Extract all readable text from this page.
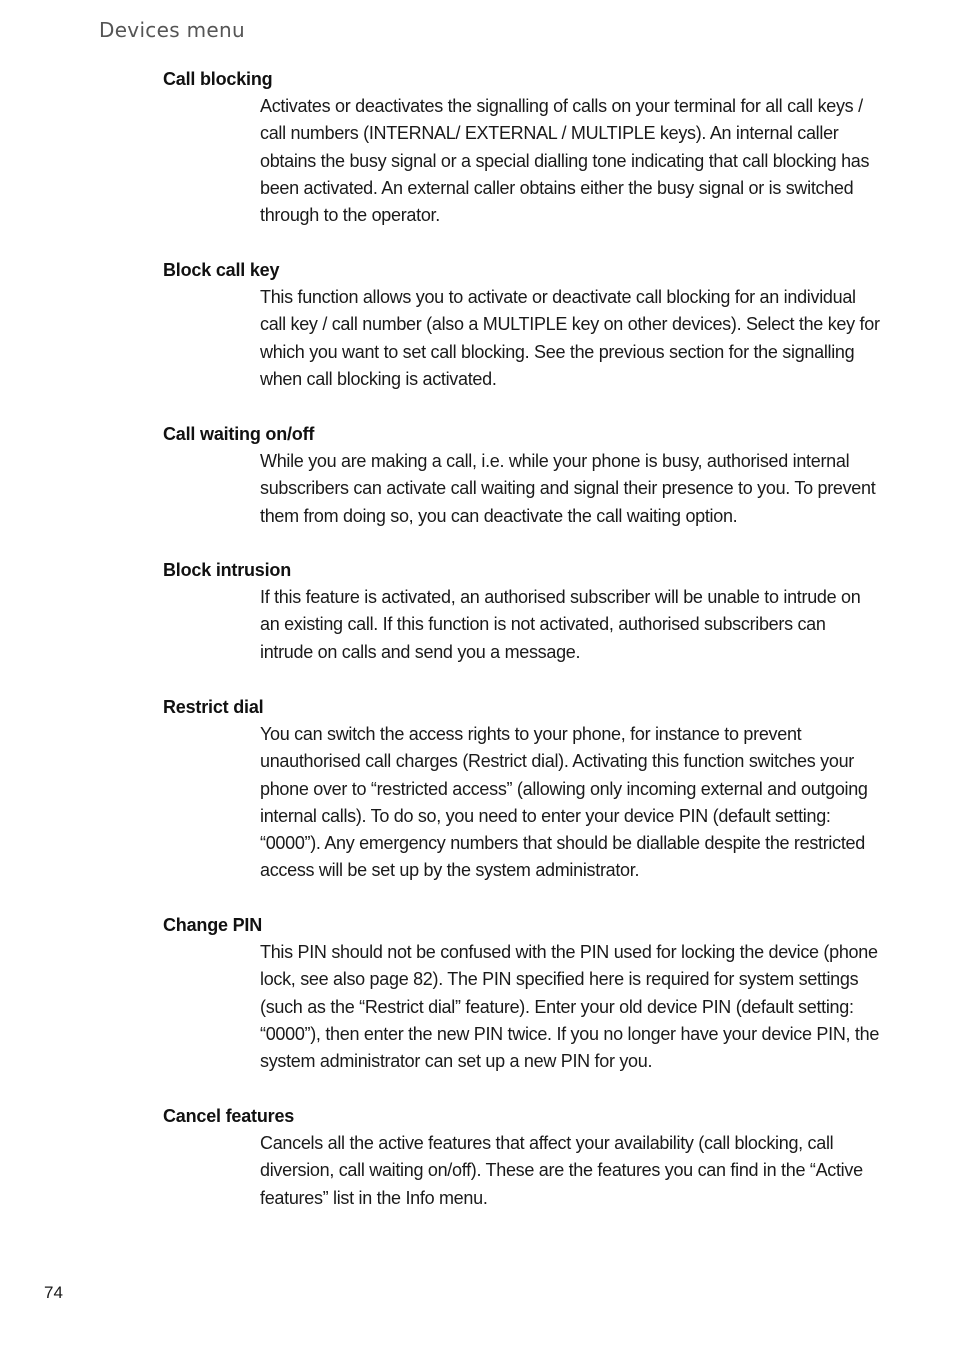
Devices menu
Call blocking

Activates or deactivates the signalling of calls on your terminal for all call keys / call numbers (INTERNAL/ EXTERNAL / MULTIPLE keys). An internal caller obtains the busy signal or a special dialling tone indicating that call blocking has been activated. An external caller obtains either the busy signal or is switched through to the operator.

Block call key

This function allows you to activate or deactivate call blocking for an individual call key / call number (also a MULTIPLE key on other devices). Select the key for which you want to set call blocking. See the previous section for the signalling when call blocking is activated.

Call waiting on/off

While you are making a call, i.e. while your phone is busy, authorised internal subscribers can activate call waiting and signal their presence to you. To prevent them from doing so, you can deactivate the call waiting option.

Block intrusion

If this feature is activated, an authorised subscriber will be unable to intrude on an existing call. If this function is not activated, authorised subscribers can intrude on calls and send you a message.

Restrict dial

You can switch the access rights to your phone, for instance to prevent unauthorised call charges (Restrict dial). Activating this function switches your phone over to “restricted access” (allowing only incoming external and outgoing internal calls). To do so, you need to enter your device PIN (default setting: “0000”). Any emergency numbers that should be diallable despite the restricted access will be set up by the system administrator.

Change PIN

This PIN should not be confused with the PIN used for locking the device (phone lock, see also page 82). The PIN specified here is required for system settings (such as the “Restrict dial” feature). Enter your old device PIN (default setting: “0000”), then enter the new PIN twice. If you no longer have your device PIN, the system administrator can set up a new PIN for you.

Cancel features

Cancels all the active features that affect your availability (call blocking, call diversion, call waiting on/off). These are the features you can find in the “Active features” list in the Info menu.

74
